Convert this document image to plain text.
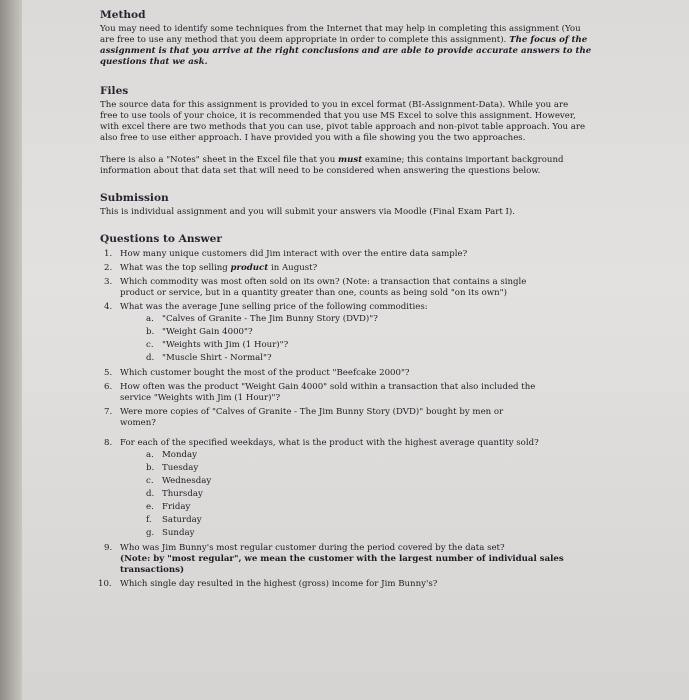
Method

You may need to identify some techniques from the Internet that may help in completing this assignment (You

are free to use any method that you deem appropriate in order to complete this assignment). The focus of the

assignment is that you arrive at the right conclusions and are able to provide accurate answers to the

questions that we ask.

Files

The source data for this assignment is provided to you in excel format (BI-Assignment-Data). While you are

free to use tools of your choice, it is recommended that you use MS Excel to solve this assignment. However,

with excel there are two methods that you can use, pivot table approach and non-pivot table approach. You are

also free to use either approach. I have provided you with a file showing you the two approaches.

There is also a "Notes" sheet in the Excel file that you must examine; this contains important background

information about that data set that will need to be considered when answering the questions below.

Submission

This is individual assignment and you will submit your answers via Moodle (Final Exam Part I).

Questions to Answer
1. How many unique customers did Jim interact with over the entire data sample?
2. What was the top selling product in August?
3. Which commodity was most often sold on its own? (Note: a transaction that contains a single
product or service, but in a quantity greater than one, counts as being sold "on its own")
4. What was the average June selling price of the following commodities:
a. "Calves of Granite - The Jim Bunny Story (DVD)"?
b. "Weight Gain 4000"?
c. "Weights with Jim (1 Hour)"?
d. "Muscle Shirt - Normal"?
5. Which customer bought the most of the product "Beefcake 2000"?
6. How often was the product "Weight Gain 4000" sold within a transaction that also included the
service "Weights with Jim (1 Hour)"?
7. Were more copies of "Calves of Granite - The Jim Bunny Story (DVD)" bought by men or
women?
8. For each of the specified weekdays, what is the product with the highest average quantity sold?
a. Monday
b. Tuesday
c. Wednesday
d. Thursday
e. Friday
f. Saturday
g. Sunday
9. Who was Jim Bunny's most regular customer during the period covered by the data set?
(Note: by "most regular", we mean the customer with the largest number of individual sales
transactions)
10. Which single day resulted in the highest (gross) income for Jim Bunny's?
